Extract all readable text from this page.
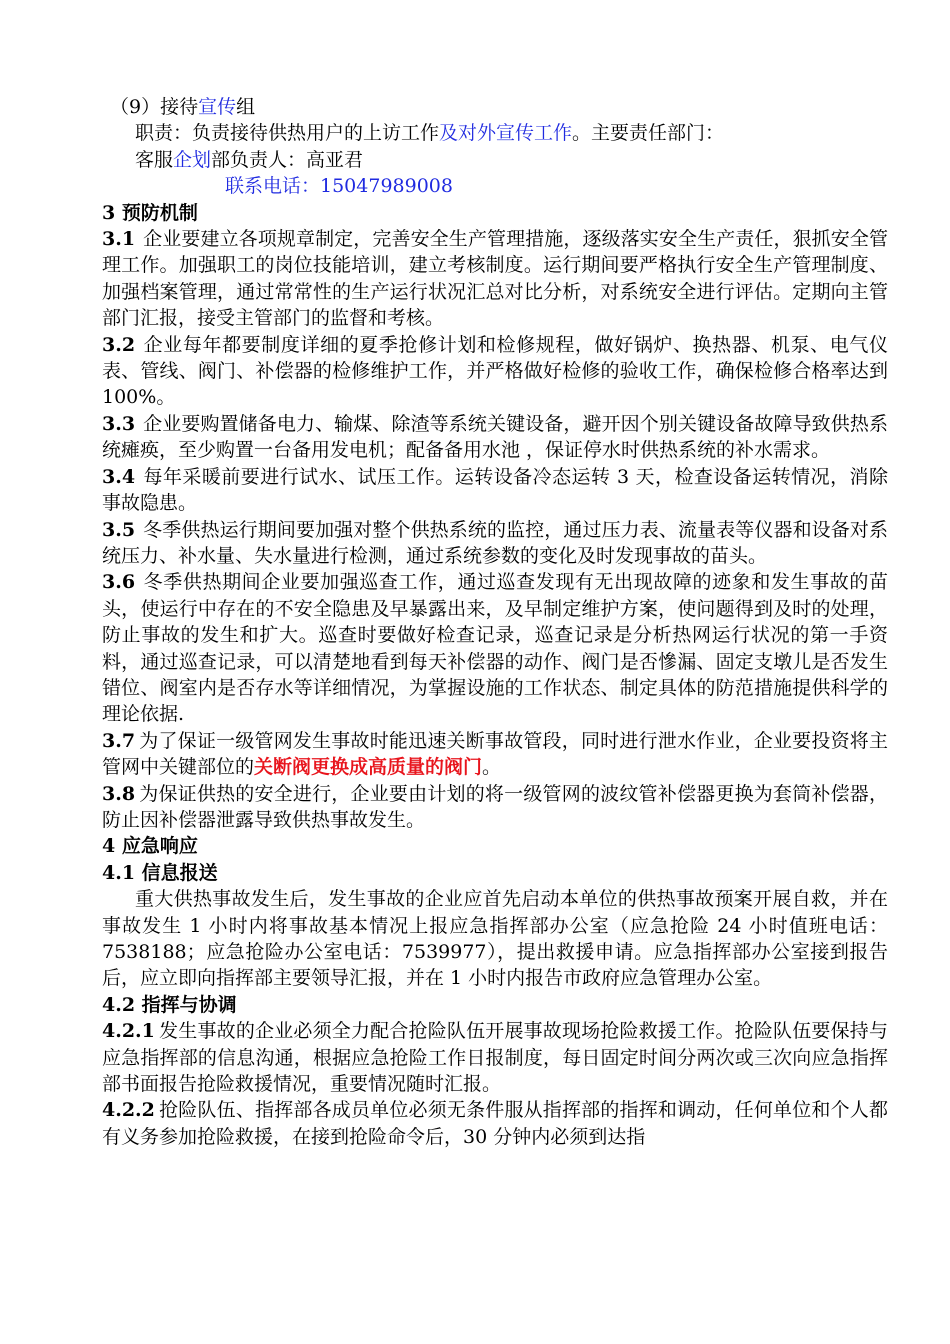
（9）接待宣传组

职责：负责接待供热用户的上访工作及对外宣传工作。主要责任部门：

客服企划部负责人：高亚君

联系电话：15047989008

3 预防机制

3.1 企业要建立各项规章制定，完善安全生产管理措施，逐级落实安全生产责任，狠抓安全管理工作。加强职工的岗位技能培训，建立考核制度。运行期间要严格执行安全生产管理制度、加强档案管理，通过常常性的生产运行状况汇总对比分析，对系统安全进行评估。定期向主管部门汇报，接受主管部门的监督和考核。

3.2 企业每年都要制度详细的夏季抢修计划和检修规程，做好锅炉、换热器、机泵、电气仪表、管线、阀门、补偿器的检修维护工作，并严格做好检修的验收工作，确保检修合格率达到100%。

3.3 企业要购置储备电力、输煤、除渣等系统关键设备，避开因个别关键设备故障导致供热系统瘫痪，至少购置一台备用发电机；配备备用水池 ，保证停水时供热系统的补水需求。

3.4 每年采暖前要进行试水、试压工作。运转设备冷态运转 3 天，检查设备运转情况，消除事故隐患。

3.5 冬季供热运行期间要加强对整个供热系统的监控，通过压力表、流量表等仪器和设备对系统压力、补水量、失水量进行检测，通过系统参数的变化及时发现事故的苗头。

3.6 冬季供热期间企业要加强巡查工作，通过巡查发现有无出现故障的迹象和发生事故的苗头，使运行中存在的不安全隐患及早暴露出来，及早制定维护方案，使问题得到及时的处理，防止事故的发生和扩大。巡查时要做好检查记录，巡查记录是分析热网运行状况的第一手资料，通过巡查记录，可以清楚地看到每天补偿器的动作、阀门是否慘漏、固定支墩儿是否发生错位、阀室内是否存水等详细情况，为掌握设施的工作状态、制定具体的防范措施提供科学的理论依据.

3.7 为了保证一级管网发生事故时能迅速关断事故管段，同时进行泄水作业，企业要投资将主管网中关键部位的关断阀更换成高质量的阀门。

3.8 为保证供热的安全进行，企业要由计划的将一级管网的波纹管补偿器更换为套筒补偿器，防止因补偿器泄露导致供热事故发生。

4 应急响应

4.1 信息报送

重大供热事故发生后，发生事故的企业应首先启动本单位的供热事故预案开展自救，并在事故发生 1 小时内将事故基本情况上报应急指挥部办公室（应急抢险 24 小时值班电话：7538188；应急抢险办公室电话：7539977），提出救援申请。应急指挥部办公室接到报告后，应立即向指挥部主要领导汇报，并在 1 小时内报告市政府应急管理办公室。

4.2 指挥与协调

4.2.1 发生事故的企业必须全力配合抢险队伍开展事故现场抢险救援工作。抢险队伍要保持与应急指挥部的信息沟通，根据应急抢险工作日报制度，每日固定时间分两次或三次向应急指挥部书面报告抢险救援情况，重要情况随时汇报。

4.2.2 抢险队伍、指挥部各成员单位必须无条件服从指挥部的指挥和调动，任何单位和个人都有义务参加抢险救援，在接到抢险命令后，30 分钟内必须到达指
